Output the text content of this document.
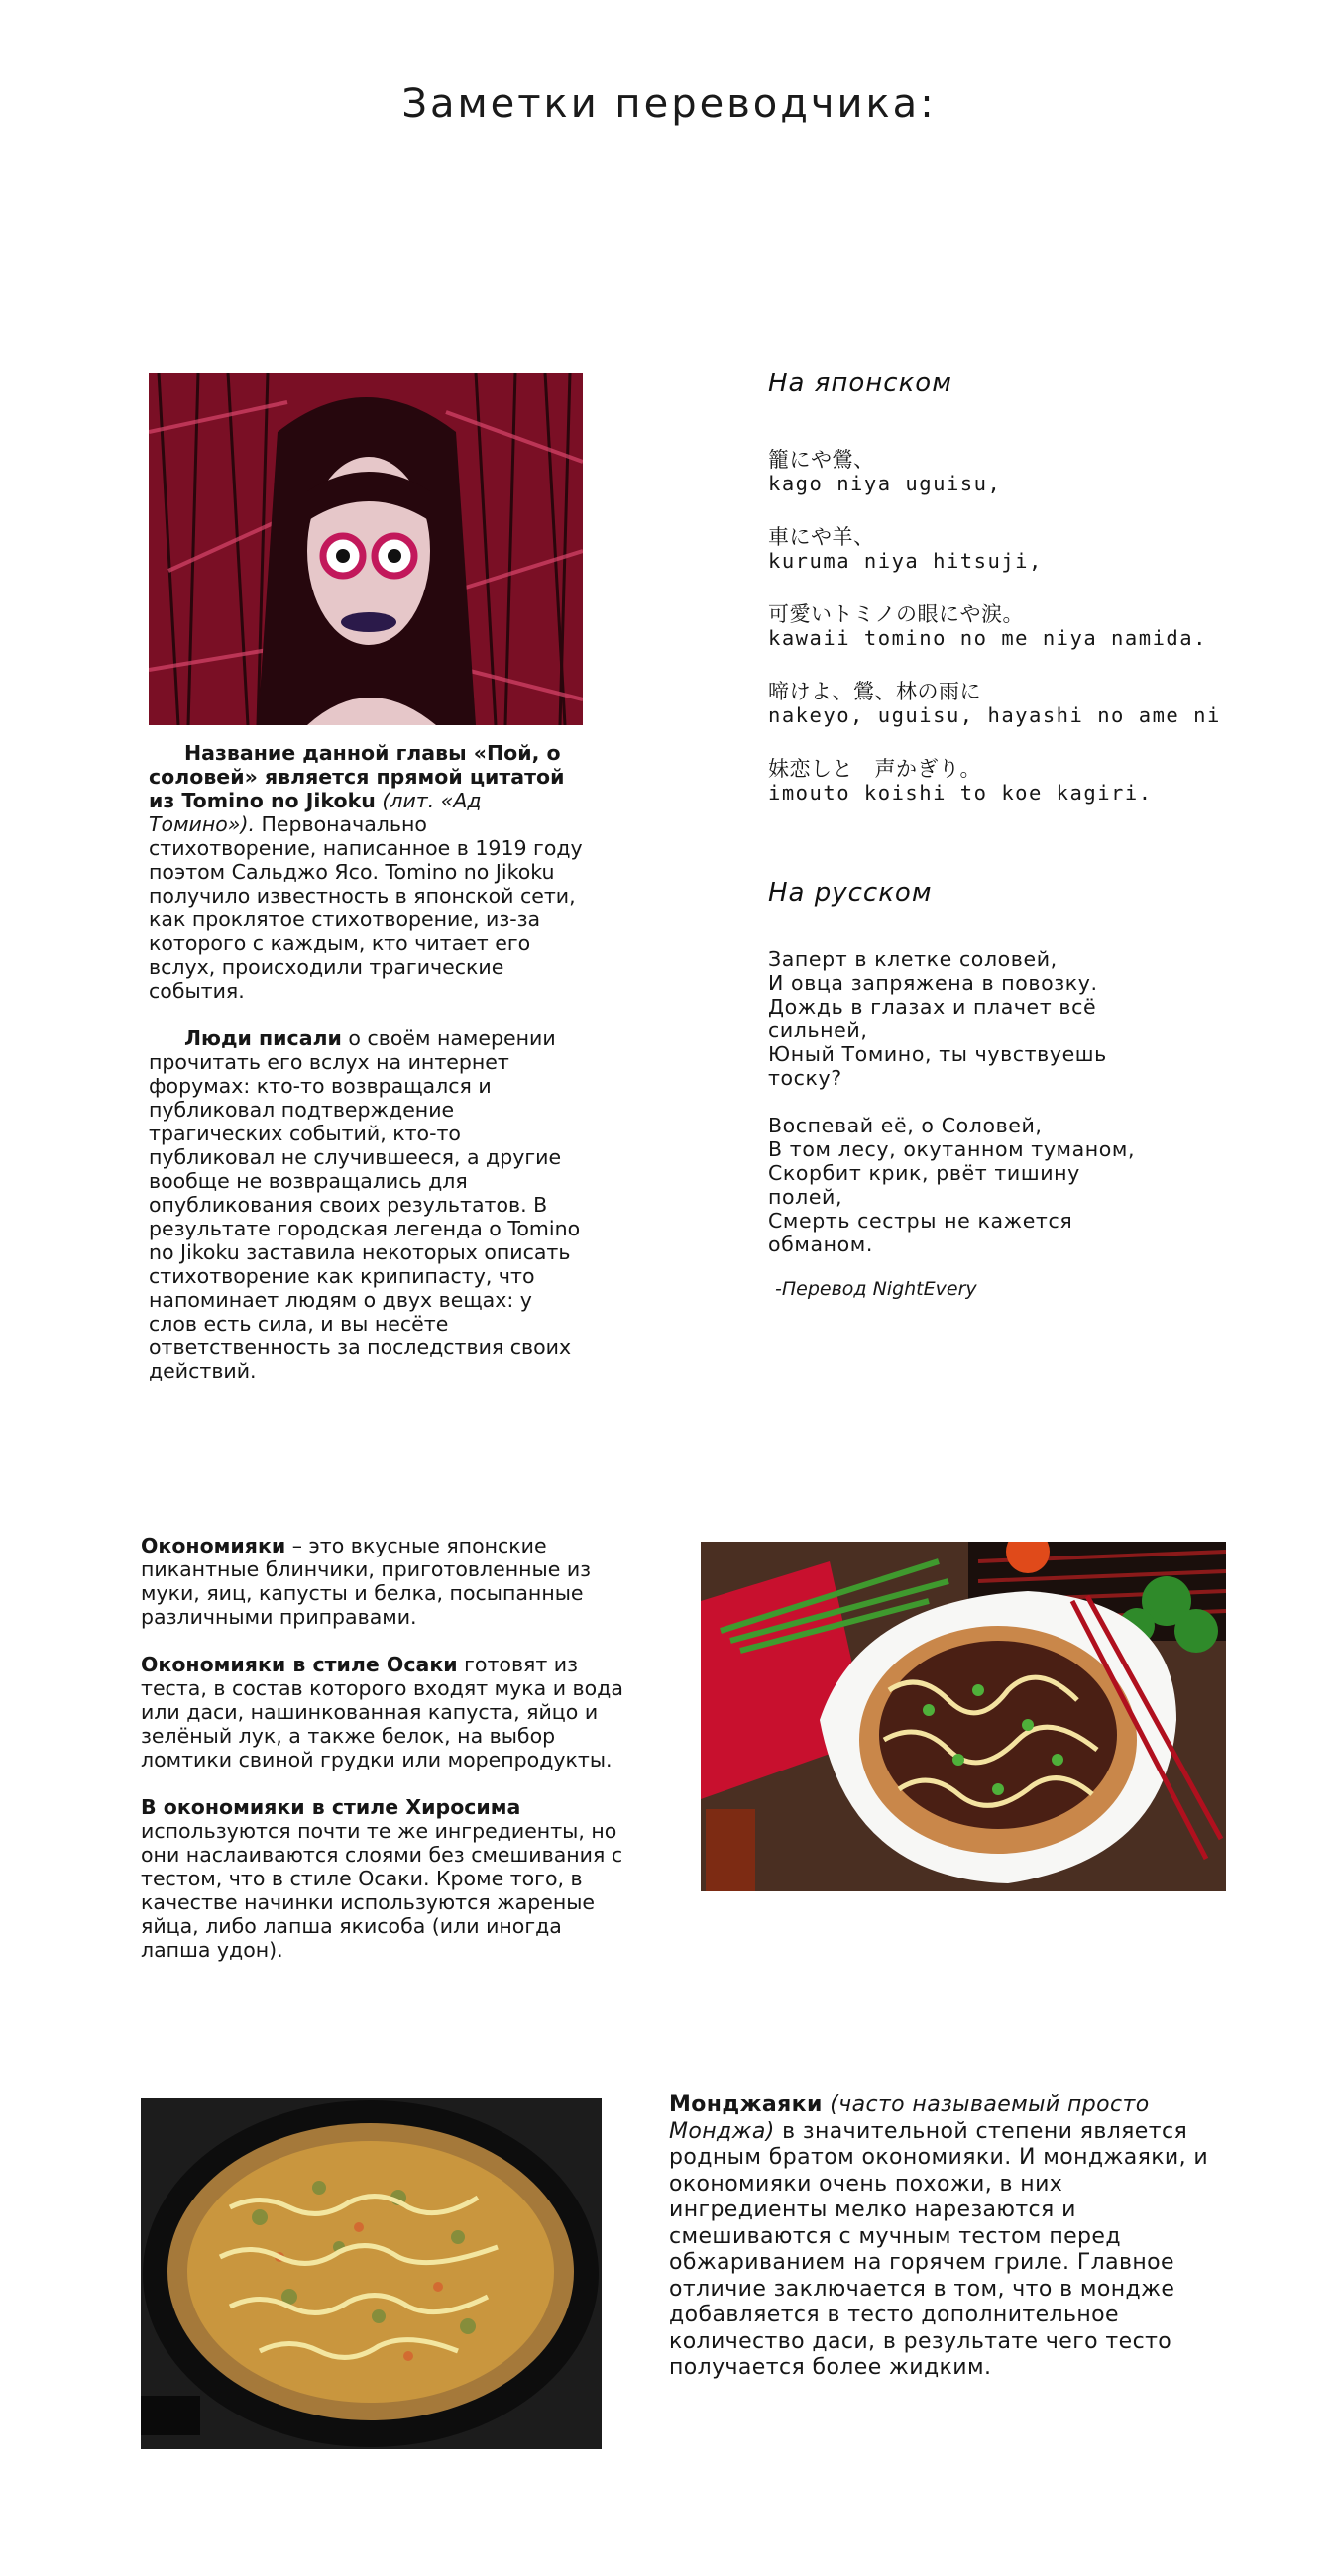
Заметки переводчика:

Название данной главы «Пой, о соловей» является прямой цитатой из Tomino no Jikoku (лит. «Ад Томино»). Первоначально стихотворение, написанное в 1919 году поэтом Сальджо Ясо. Tomino no Jikoku получило известность в японской сети, как проклятое стихотворение, из-за которого с каждым, кто читает его вслух, происходили трагические события.

Люди писали о своём намерении прочитать его вслух на интернет форумах: кто-то возвращался и публиковал подтверждение трагических событий, кто-то публиковал не случившееся, а другие вообще не возвращались для опубликования своих результатов. В результате городская легенда о Tomino no Jikoku заставила некоторых описать стихотворение как крипипасту, что напоминает людям о двух вещах: у слов есть сила, и вы несёте ответственность за последствия своих действий.

На японском
籠にや鶯、
kago niya uguisu,
車にや羊、
kuruma niya hitsuji,
可愛いトミノの眼にや涙。
kawaii tomino no me niya namida.
啼けよ、鶯、林の雨に
nakeyo, uguisu, hayashi no ame ni
妹恋しと　声かぎり。
imouto koishi to koe kagiri.
На русском
Заперт в клетке соловей,
И овца запряжена в повозку.
Дождь в глазах и плачет всё
сильней,
Юный Томино, ты чувствуешь
тоску?
Воспевай её, о Соловей,
В том лесу, окутанном туманом,
Скорбит крик, рвёт тишину
полей,
Смерть сестры не кажется
обманом.
-Перевод NightEvery

Окономияки – это вкусные японские пикантные блинчики, приготовленные из муки, яиц, капусты и белка, посыпанные различными приправами.

Окономияки в стиле Осаки готовят из теста, в состав которого входят мука и вода или даси, нашинкованная капуста, яйцо и зелёный лук, а также белок, на выбор ломтики свиной грудки или морепродукты.

В окономияки в стиле Хиросима используются почти те же ингредиенты, но они наслаиваются слоями без смешивания с тестом, что в стиле Осаки. Кроме того, в качестве начинки используются жареные яйца, либо лапша якисоба (или иногда лапша удон).

Монджаяки (часто называемый просто Монджа) в значительной степени является родным братом окономияки. И монджаяки, и окономияки очень похожи, в них ингредиенты мелко нарезаются и смешиваются с мучным тестом перед обжариванием на горячем гриле. Главное отличие заключается в том, что в мондже добавляется в тесто дополнительное количество даси, в результате чего тесто получается более жидким.
